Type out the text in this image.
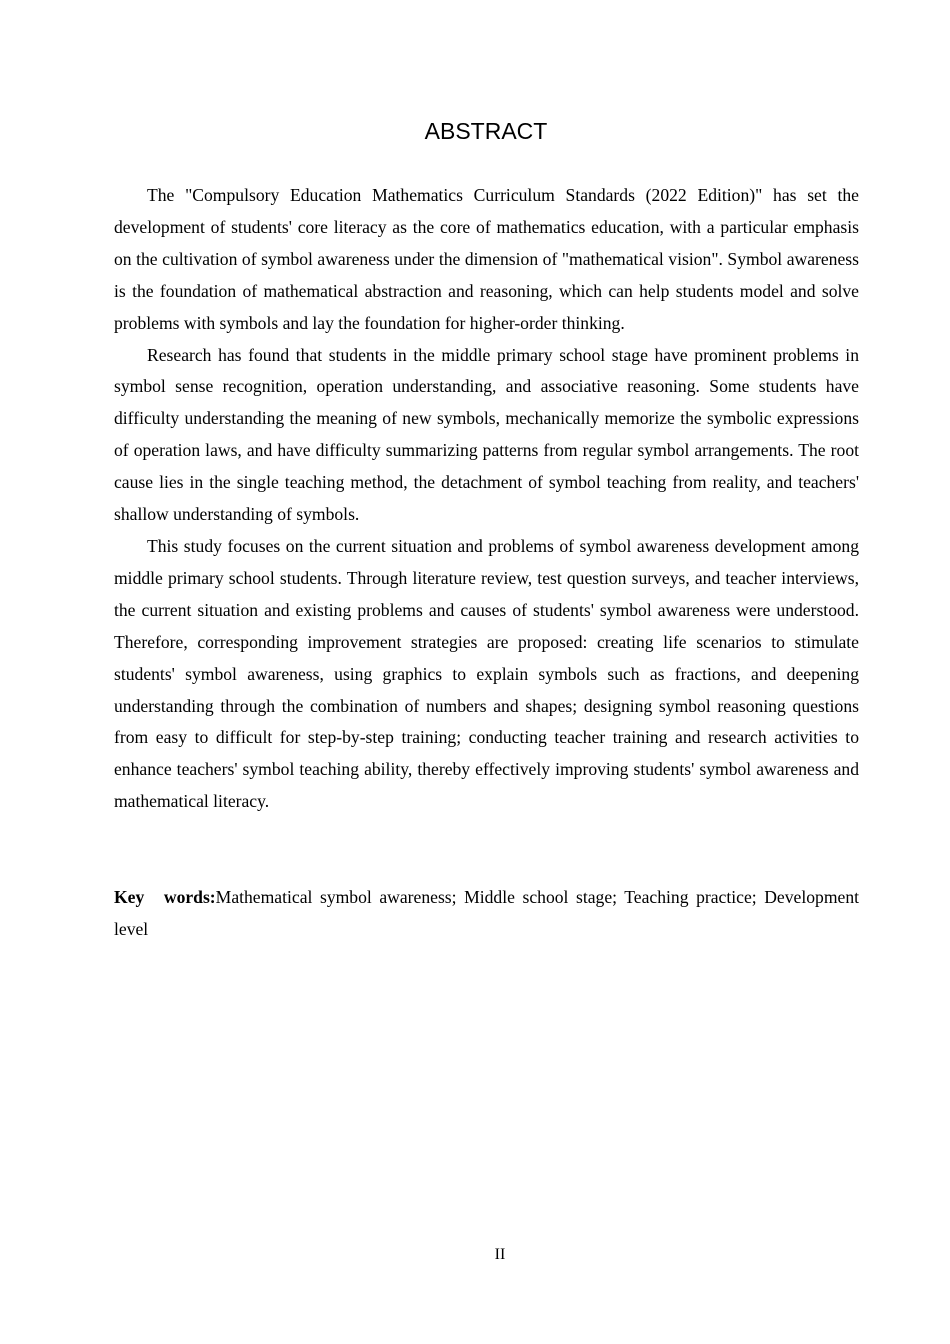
ABSTRACT

The "Compulsory Education Mathematics Curriculum Standards (2022 Edition)" has set the development of students' core literacy as the core of mathematics education, with a particular emphasis on the cultivation of symbol awareness under the dimension of "mathematical vision". Symbol awareness is the foundation of mathematical abstraction and reasoning, which can help students model and solve problems with symbols and lay the foundation for higher-order thinking.

Research has found that students in the middle primary school stage have prominent problems in symbol sense recognition, operation understanding, and associative reasoning. Some students have difficulty understanding the meaning of new symbols, mechanically memorize the symbolic expressions of operation laws, and have difficulty summarizing patterns from regular symbol arrangements. The root cause lies in the single teaching method, the detachment of symbol teaching from reality, and teachers' shallow understanding of symbols.

This study focuses on the current situation and problems of symbol awareness development among middle primary school students. Through literature review, test question surveys, and teacher interviews, the current situation and existing problems and causes of students' symbol awareness were understood. Therefore, corresponding improvement strategies are proposed: creating life scenarios to stimulate students' symbol awareness, using graphics to explain symbols such as fractions, and deepening understanding through the combination of numbers and shapes; designing symbol reasoning questions from easy to difficult for step-by-step training; conducting teacher training and research activities to enhance teachers' symbol teaching ability, thereby effectively improving students' symbol awareness and mathematical literacy.

Key words:Mathematical symbol awareness; Middle school stage; Teaching practice; Development level

II
